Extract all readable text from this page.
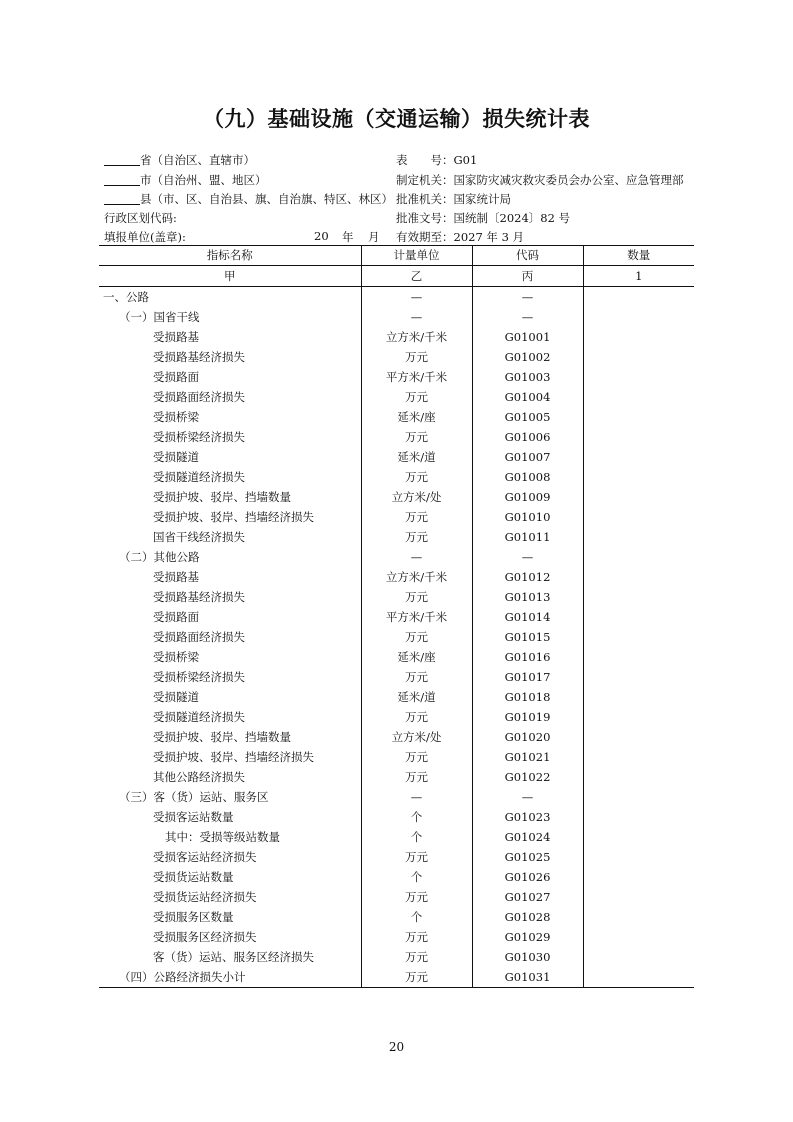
（九）基础设施（交通运输）损失统计表
省（自治区、直辖市）
市（自治州、盟、地区）
县（市、区、自治县、旗、自治旗、特区、林区）
行政区划代码:
填报单位(盖章):	20 年 月
表　　号：G01
制定机关：国家防灾减灾救灾委员会办公室、应急管理部
批准机关：国家统计局
批准文号：国统制〔2024〕82 号
有效期至：2027 年 3 月
指标名称	计量单位	代码	数量
甲	乙	丙	1
一、公路	—	—	
（一）国省干线	—	—	
受损路基	立方米/千米	G01001	
受损路基经济损失	万元	G01002	
受损路面	平方米/千米	G01003	
受损路面经济损失	万元	G01004	
受损桥梁	延米/座	G01005	
受损桥梁经济损失	万元	G01006	
受损隧道	延米/道	G01007	
受损隧道经济损失	万元	G01008	
受损护坡、驳岸、挡墙数量	立方米/处	G01009	
受损护坡、驳岸、挡墙经济损失	万元	G01010	
国省干线经济损失	万元	G01011	
（二）其他公路	—	—	
受损路基	立方米/千米	G01012	
受损路基经济损失	万元	G01013	
受损路面	平方米/千米	G01014	
受损路面经济损失	万元	G01015	
受损桥梁	延米/座	G01016	
受损桥梁经济损失	万元	G01017	
受损隧道	延米/道	G01018	
受损隧道经济损失	万元	G01019	
受损护坡、驳岸、挡墙数量	立方米/处	G01020	
受损护坡、驳岸、挡墙经济损失	万元	G01021	
其他公路经济损失	万元	G01022	
（三）客（货）运站、服务区	—	—	
受损客运站数量	个	G01023	
其中：受损等级站数量	个	G01024	
受损客运站经济损失	万元	G01025	
受损货运站数量	个	G01026	
受损货运站经济损失	万元	G01027	
受损服务区数量	个	G01028	
受损服务区经济损失	万元	G01029	
客（货）运站、服务区经济损失	万元	G01030	
（四）公路经济损失小计	万元	G01031	
20
